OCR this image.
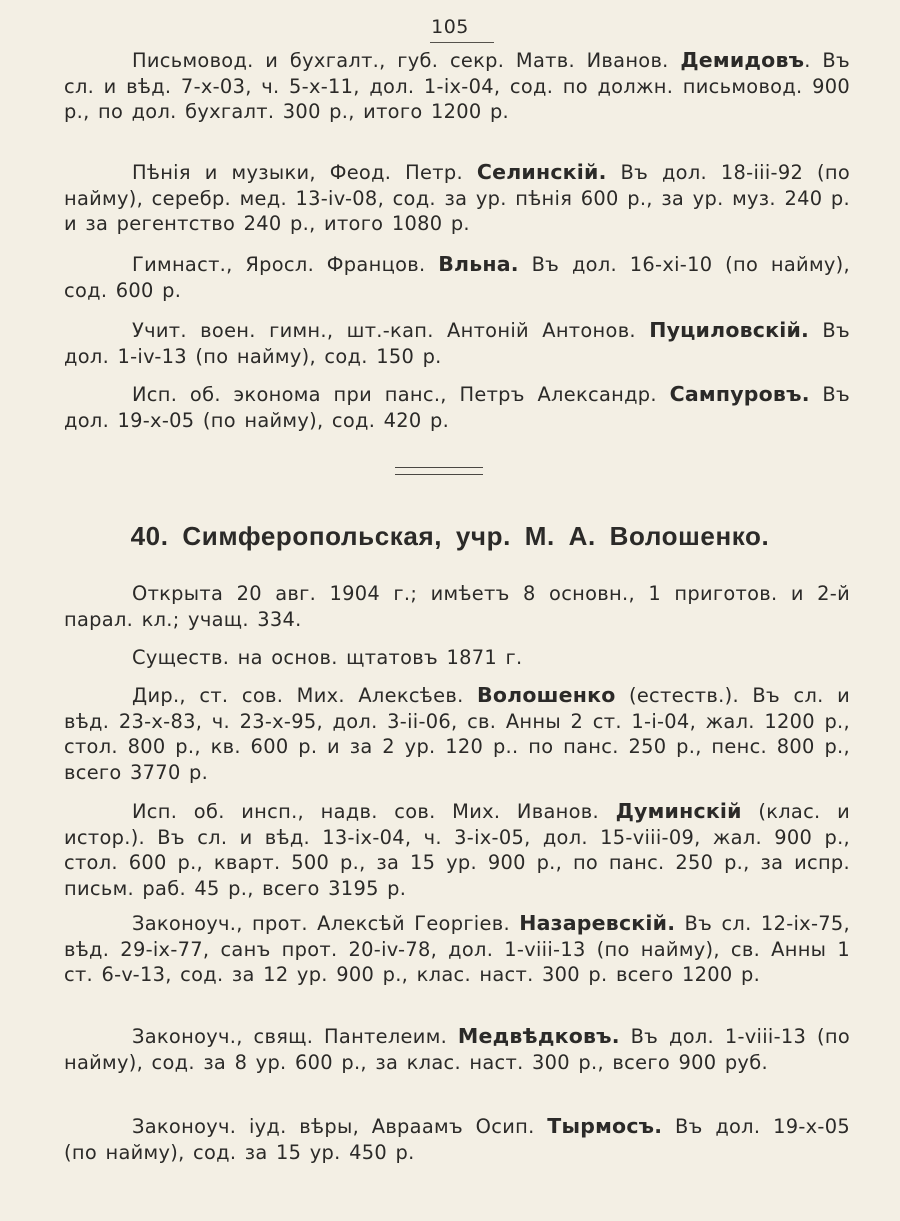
105

Письмовод. и бухгалт., губ. секр. Матв. Иванов. Демидовъ. Въ сл. и вѣд. 7-х-03, ч. 5-х-11, дол. 1-іх-04, сод. по должн. письмовод. 900 р., по дол. бухгалт. 300 р., итого 1200 р.

Пѣнія и музыки, Феод. Петр. Селинскій. Въ дол. 18-ііі-92 (по найму), серебр. мед. 13-іv-08, сод. за ур. пѣнія 600 р., за ур. муз. 240 р. и за регентство 240 р., итого 1080 р.

Гимнаст., Яросл. Францов. Вльна. Въ дол. 16-хі-10 (по найму), сод. 600 р.

Учит. воен. гимн., шт.-кап. Антоній Антонов. Пуциловскій. Въ дол. 1-іv-13 (по найму), сод. 150 р.

Исп. об. эконома при панс., Петръ Александр. Сампуровъ. Въ дол. 19-х-05 (по найму), сод. 420 р.

40. Симферопольская, учр. М. А. Волошенко.

Открыта 20 авг. 1904 г.; имѣетъ 8 основн., 1 приготов. и 2-й парал. кл.; учащ. 334.

Существ. на основ. щтатовъ 1871 г.

Дир., ст. сов. Мих. Алексѣев. Волошенко (естеств.). Въ сл. и вѣд. 23-х-83, ч. 23-х-95, дол. 3-іі-06, св. Анны 2 ст. 1-і-04, жал. 1200 р., стол. 800 р., кв. 600 р. и за 2 ур. 120 р.. по панс. 250 р., пенс. 800 р., всего 3770 р.

Исп. об. инсп., надв. сов. Мих. Иванов. Думинскій (клас. и истор.). Въ сл. и вѣд. 13-іх-04, ч. 3-іх-05, дол. 15-vііі-09, жал. 900 р., стол. 600 р., кварт. 500 р., за 15 ур. 900 р., по панс. 250 р., за испр. письм. раб. 45 р., всего 3195 р.

Законоуч., прот. Алексѣй Георгіев. Назаревскій. Въ сл. 12-іх-75, вѣд. 29-іх-77, санъ прот. 20-іv-78, дол. 1-vііі-13 (по найму), св. Анны 1 ст. 6-v-13, сод. за 12 ур. 900 р., клас. наст. 300 р. всего 1200 р.

Законоуч., свящ. Пантелеим. Медвѣдковъ. Въ дол. 1-vііі-13 (по найму), сод. за 8 ур. 600 р., за клас. наст. 300 р., всего 900 руб.

Законоуч. іуд. вѣры, Авраамъ Осип. Тырмосъ. Въ дол. 19-х-05 (по найму), сод. за 15 ур. 450 р.
